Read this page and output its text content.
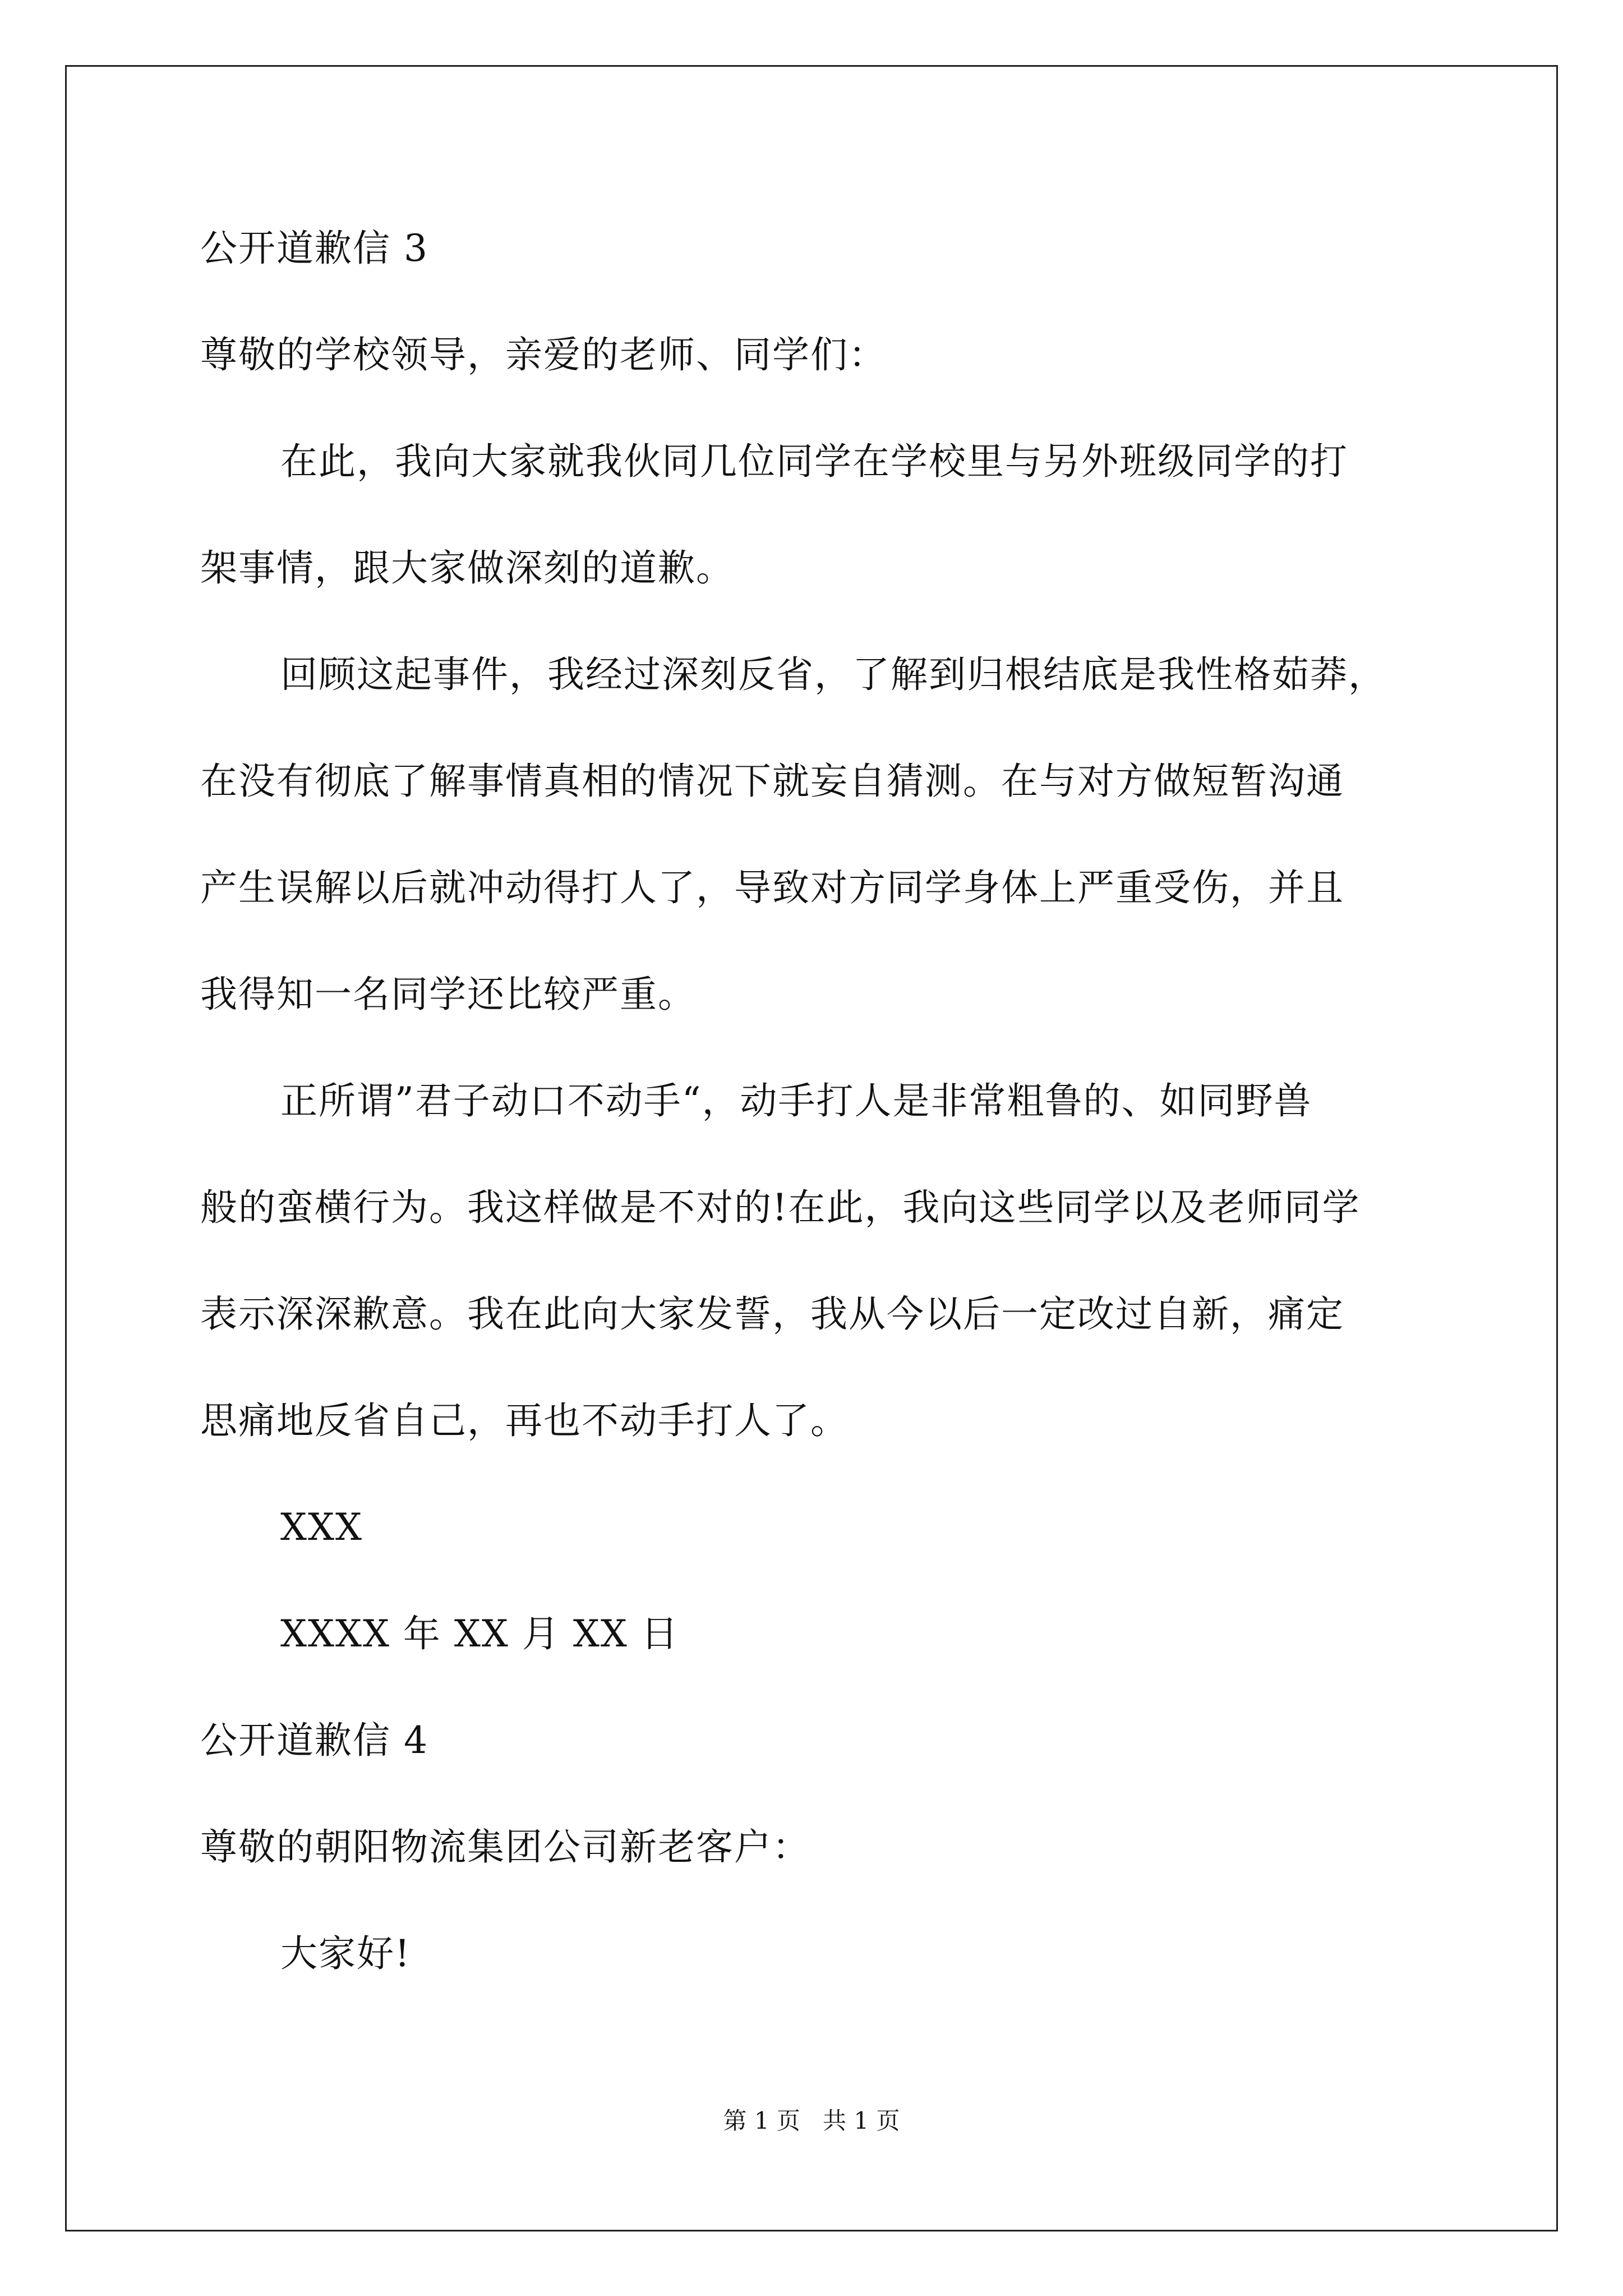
公开道歉信 3
尊敬的学校领导，亲爱的老师、同学们：
在此，我向大家就我伙同几位同学在学校里与另外班级同学的打
架事情，跟大家做深刻的道歉。
回顾这起事件，我经过深刻反省，了解到归根结底是我性格茹莽，
在没有彻底了解事情真相的情况下就妄自猜测。在与对方做短暂沟通
产生误解以后就冲动得打人了，导致对方同学身体上严重受伤，并且
我得知一名同学还比较严重。
正所谓”君子动口不动手“，动手打人是非常粗鲁的、如同野兽
般的蛮横行为。我这样做是不对的!在此，我向这些同学以及老师同学
表示深深歉意。我在此向大家发誓，我从今以后一定改过自新，痛定
思痛地反省自己，再也不动手打人了。
XXX
XXXX 年 XX 月 XX 日
公开道歉信 4
尊敬的朝阳物流集团公司新老客户：
大家好!
第 1 页   共 1 页
